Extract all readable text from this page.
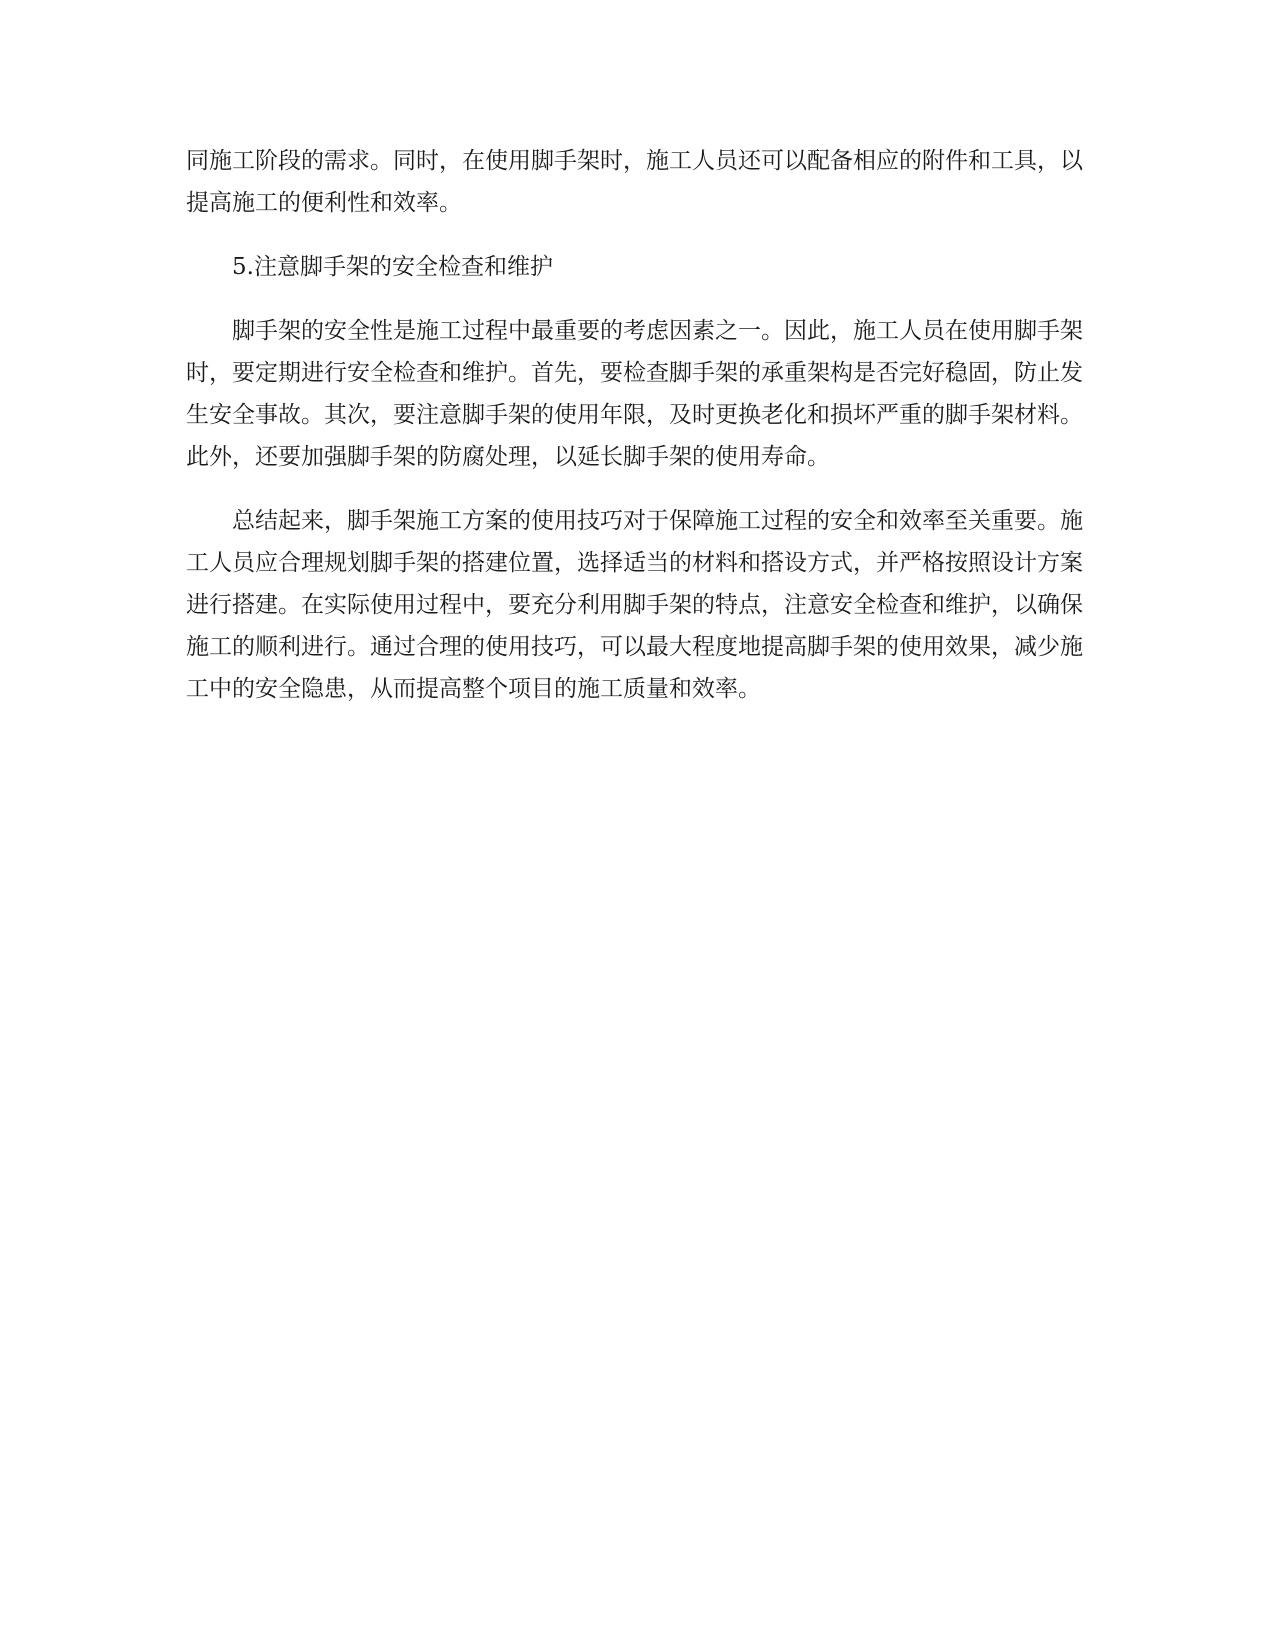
同施工阶段的需求。同时，在使用脚手架时，施工人员还可以配备相应的附件和工具，以提高施工的便利性和效率。

5.注意脚手架的安全检查和维护

脚手架的安全性是施工过程中最重要的考虑因素之一。因此，施工人员在使用脚手架时，要定期进行安全检查和维护。首先，要检查脚手架的承重架构是否完好稳固，防止发生安全事故。其次，要注意脚手架的使用年限，及时更换老化和损坏严重的脚手架材料。此外，还要加强脚手架的防腐处理，以延长脚手架的使用寿命。

总结起来，脚手架施工方案的使用技巧对于保障施工过程的安全和效率至关重要。施工人员应合理规划脚手架的搭建位置，选择适当的材料和搭设方式，并严格按照设计方案进行搭建。在实际使用过程中，要充分利用脚手架的特点，注意安全检查和维护，以确保施工的顺利进行。通过合理的使用技巧，可以最大程度地提高脚手架的使用效果，减少施工中的安全隐患，从而提高整个项目的施工质量和效率。
